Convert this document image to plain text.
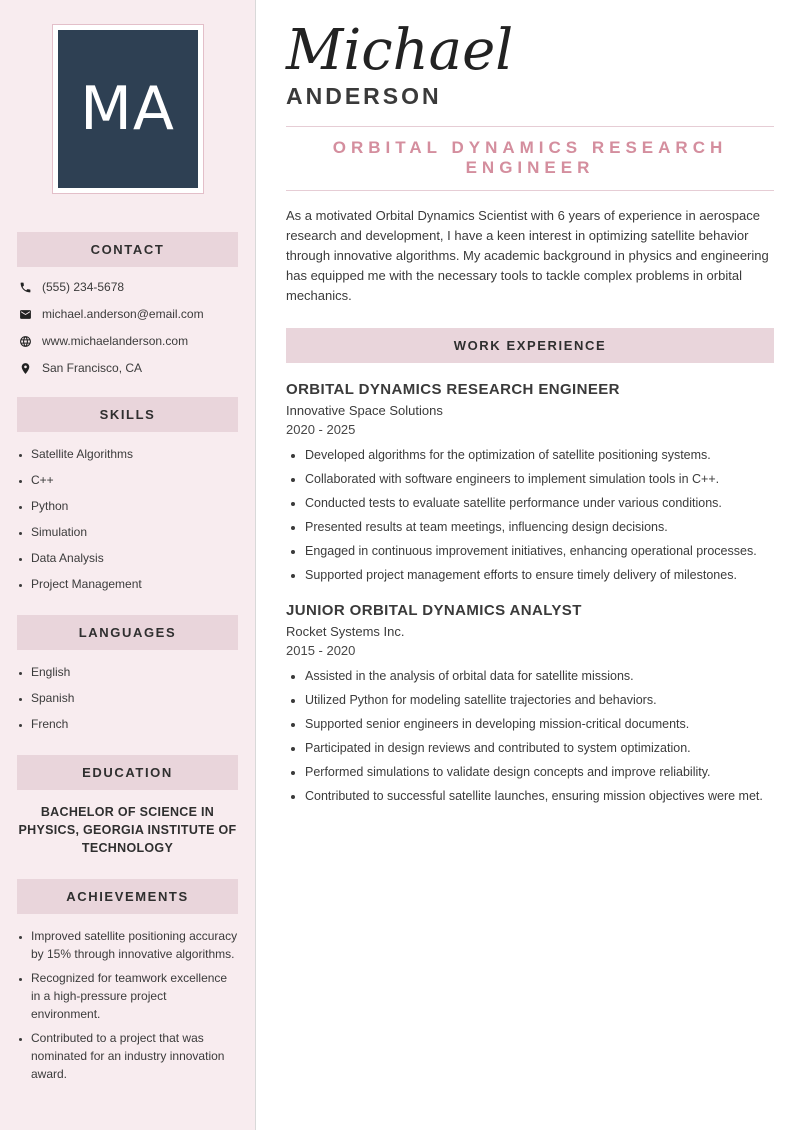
MA
CONTACT
(555) 234-5678
michael.anderson@email.com
www.michaelanderson.com
San Francisco, CA
SKILLS
• Satellite Algorithms
• C++
• Python
• Simulation
• Data Analysis
• Project Management
LANGUAGES
• English
• Spanish
• French
EDUCATION

BACHELOR OF SCIENCE IN PHYSICS, GEORGIA INSTITUTE OF TECHNOLOGY

ACHIEVEMENTS
• Improved satellite positioning accuracy by 15% through innovative algorithms.
• Recognized for teamwork excellence in a high-pressure project environment.
• Contributed to a project that was nominated for an industry innovation award.
Michael
ANDERSON
ORBITAL DYNAMICS RESEARCH ENGINEER

As a motivated Orbital Dynamics Scientist with 6 years of experience in aerospace research and development, I have a keen interest in optimizing satellite behavior through innovative algorithms. My academic background in physics and engineering has equipped me with the necessary tools to tackle complex problems in orbital mechanics.

WORK EXPERIENCE
ORBITAL DYNAMICS RESEARCH ENGINEER
Innovative Space Solutions
2020 - 2025
• Developed algorithms for the optimization of satellite positioning systems.
• Collaborated with software engineers to implement simulation tools in C++.
• Conducted tests to evaluate satellite performance under various conditions.
• Presented results at team meetings, influencing design decisions.
• Engaged in continuous improvement initiatives, enhancing operational processes.
• Supported project management efforts to ensure timely delivery of milestones.
JUNIOR ORBITAL DYNAMICS ANALYST
Rocket Systems Inc.
2015 - 2020
• Assisted in the analysis of orbital data for satellite missions.
• Utilized Python for modeling satellite trajectories and behaviors.
• Supported senior engineers in developing mission-critical documents.
• Participated in design reviews and contributed to system optimization.
• Performed simulations to validate design concepts and improve reliability.
• Contributed to successful satellite launches, ensuring mission objectives were met.
